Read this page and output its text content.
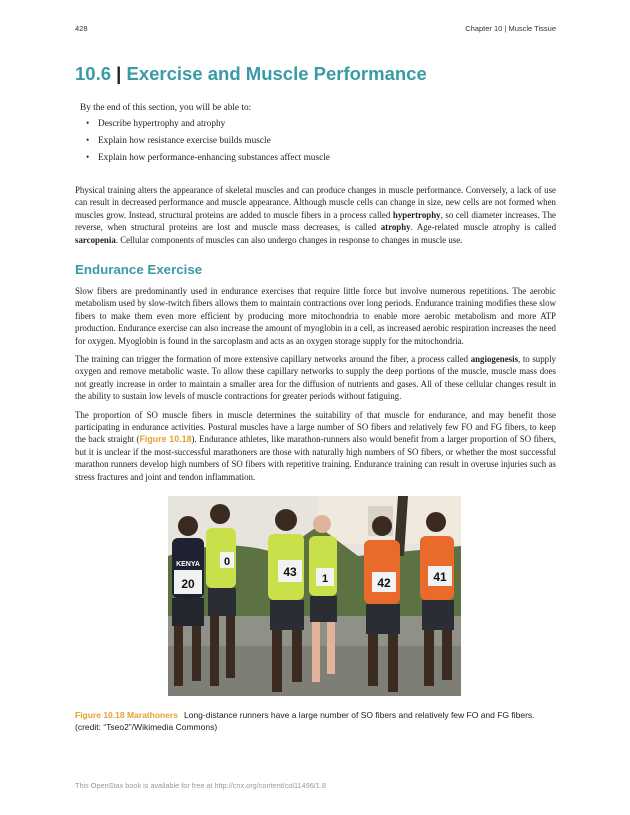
428	Chapter 10 | Muscle Tissue
10.6 | Exercise and Muscle Performance

By the end of this section, you will be able to:

• Describe hypertrophy and atrophy
• Explain how resistance exercise builds muscle
• Explain how performance-enhancing substances affect muscle

Physical training alters the appearance of skeletal muscles and can produce changes in muscle performance. Conversely, a lack of use can result in decreased performance and muscle appearance. Although muscle cells can change in size, new cells are not formed when muscles grow. Instead, structural proteins are added to muscle fibers in a process called hypertrophy, so cell diameter increases. The reverse, when structural proteins are lost and muscle mass decreases, is called atrophy. Age-related muscle atrophy is called sarcopenia. Cellular components of muscles can also undergo changes in response to changes in muscle use.

Endurance Exercise

Slow fibers are predominantly used in endurance exercises that require little force but involve numerous repetitions. The aerobic metabolism used by slow-twitch fibers allows them to maintain contractions over long periods. Endurance training modifies these slow fibers to make them even more efficient by producing more mitochondria to enable more aerobic metabolism and more ATP production. Endurance exercise can also increase the amount of myoglobin in a cell, as increased aerobic respiration increases the need for oxygen. Myoglobin is found in the sarcoplasm and acts as an oxygen storage supply for the mitochondria.

The training can trigger the formation of more extensive capillary networks around the fiber, a process called angiogenesis, to supply oxygen and remove metabolic waste. To allow these capillary networks to supply the deep portions of the muscle, muscle mass does not greatly increase in order to maintain a smaller area for the diffusion of nutrients and gases. All of these cellular changes result in the ability to sustain low levels of muscle contractions for greater periods without fatiguing.

The proportion of SO muscle fibers in muscle determines the suitability of that muscle for endurance, and may benefit those participating in endurance activities. Postural muscles have a large number of SO fibers and relatively few FO and FG fibers, to keep the back straight (Figure 10.18). Endurance athletes, like marathon-runners also would benefit from a larger proportion of SO fibers, but it is unclear if the most-successful marathoners are those with naturally high numbers of SO fibers, or whether the most successful marathon runners develop high numbers of SO fibers with repetitive training. Endurance training can result in overuse injuries such as stress fractures and joint and tendon inflammation.

KENYA
20
0
43 1	42	41
Figure 10.18 Marathoners Long-distance runners have a large number of SO fibers and relatively few FO and FG fibers. (credit: “Tseo2”/Wikimedia Commons)
This OpenStax book is available for free at http://cnx.org/content/col11496/1.8
